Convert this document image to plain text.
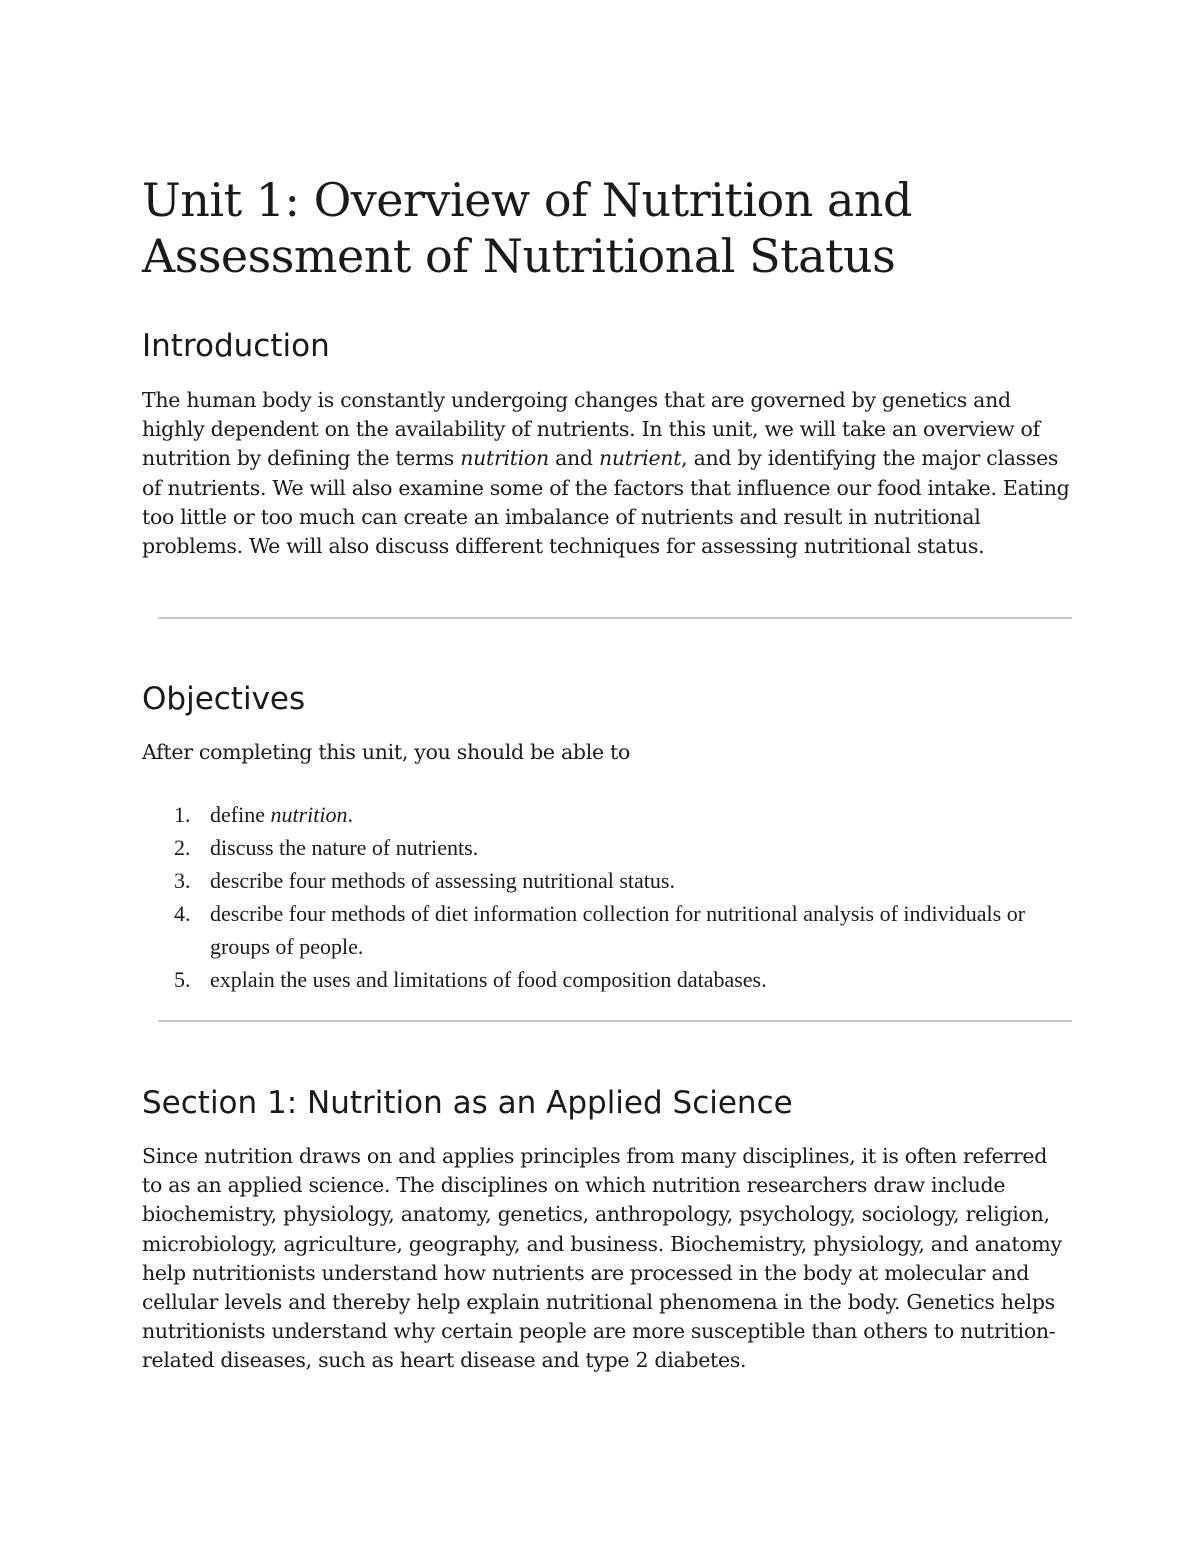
Unit 1: Overview of Nutrition and Assessment of Nutritional Status
Introduction

The human body is constantly undergoing changes that are governed by genetics and highly dependent on the availability of nutrients. In this unit, we will take an overview of nutrition by defining the terms nutrition and nutrient, and by identifying the major classes of nutrients. We will also examine some of the factors that influence our food intake. Eating too little or too much can create an imbalance of nutrients and result in nutritional problems. We will also discuss different techniques for assessing nutritional status.

Objectives

After completing this unit, you should be able to

1. define nutrition.
2. discuss the nature of nutrients.
3. describe four methods of assessing nutritional status.
4. describe four methods of diet information collection for nutritional analysis of individuals or groups of people.
5. explain the uses and limitations of food composition databases.
Section 1: Nutrition as an Applied Science

Since nutrition draws on and applies principles from many disciplines, it is often referred to as an applied science. The disciplines on which nutrition researchers draw include biochemistry, physiology, anatomy, genetics, anthropology, psychology, sociology, religion, microbiology, agriculture, geography, and business. Biochemistry, physiology, and anatomy help nutritionists understand how nutrients are processed in the body at molecular and cellular levels and thereby help explain nutritional phenomena in the body. Genetics helps nutritionists understand why certain people are more susceptible than others to nutrition-related diseases, such as heart disease and type 2 diabetes.
